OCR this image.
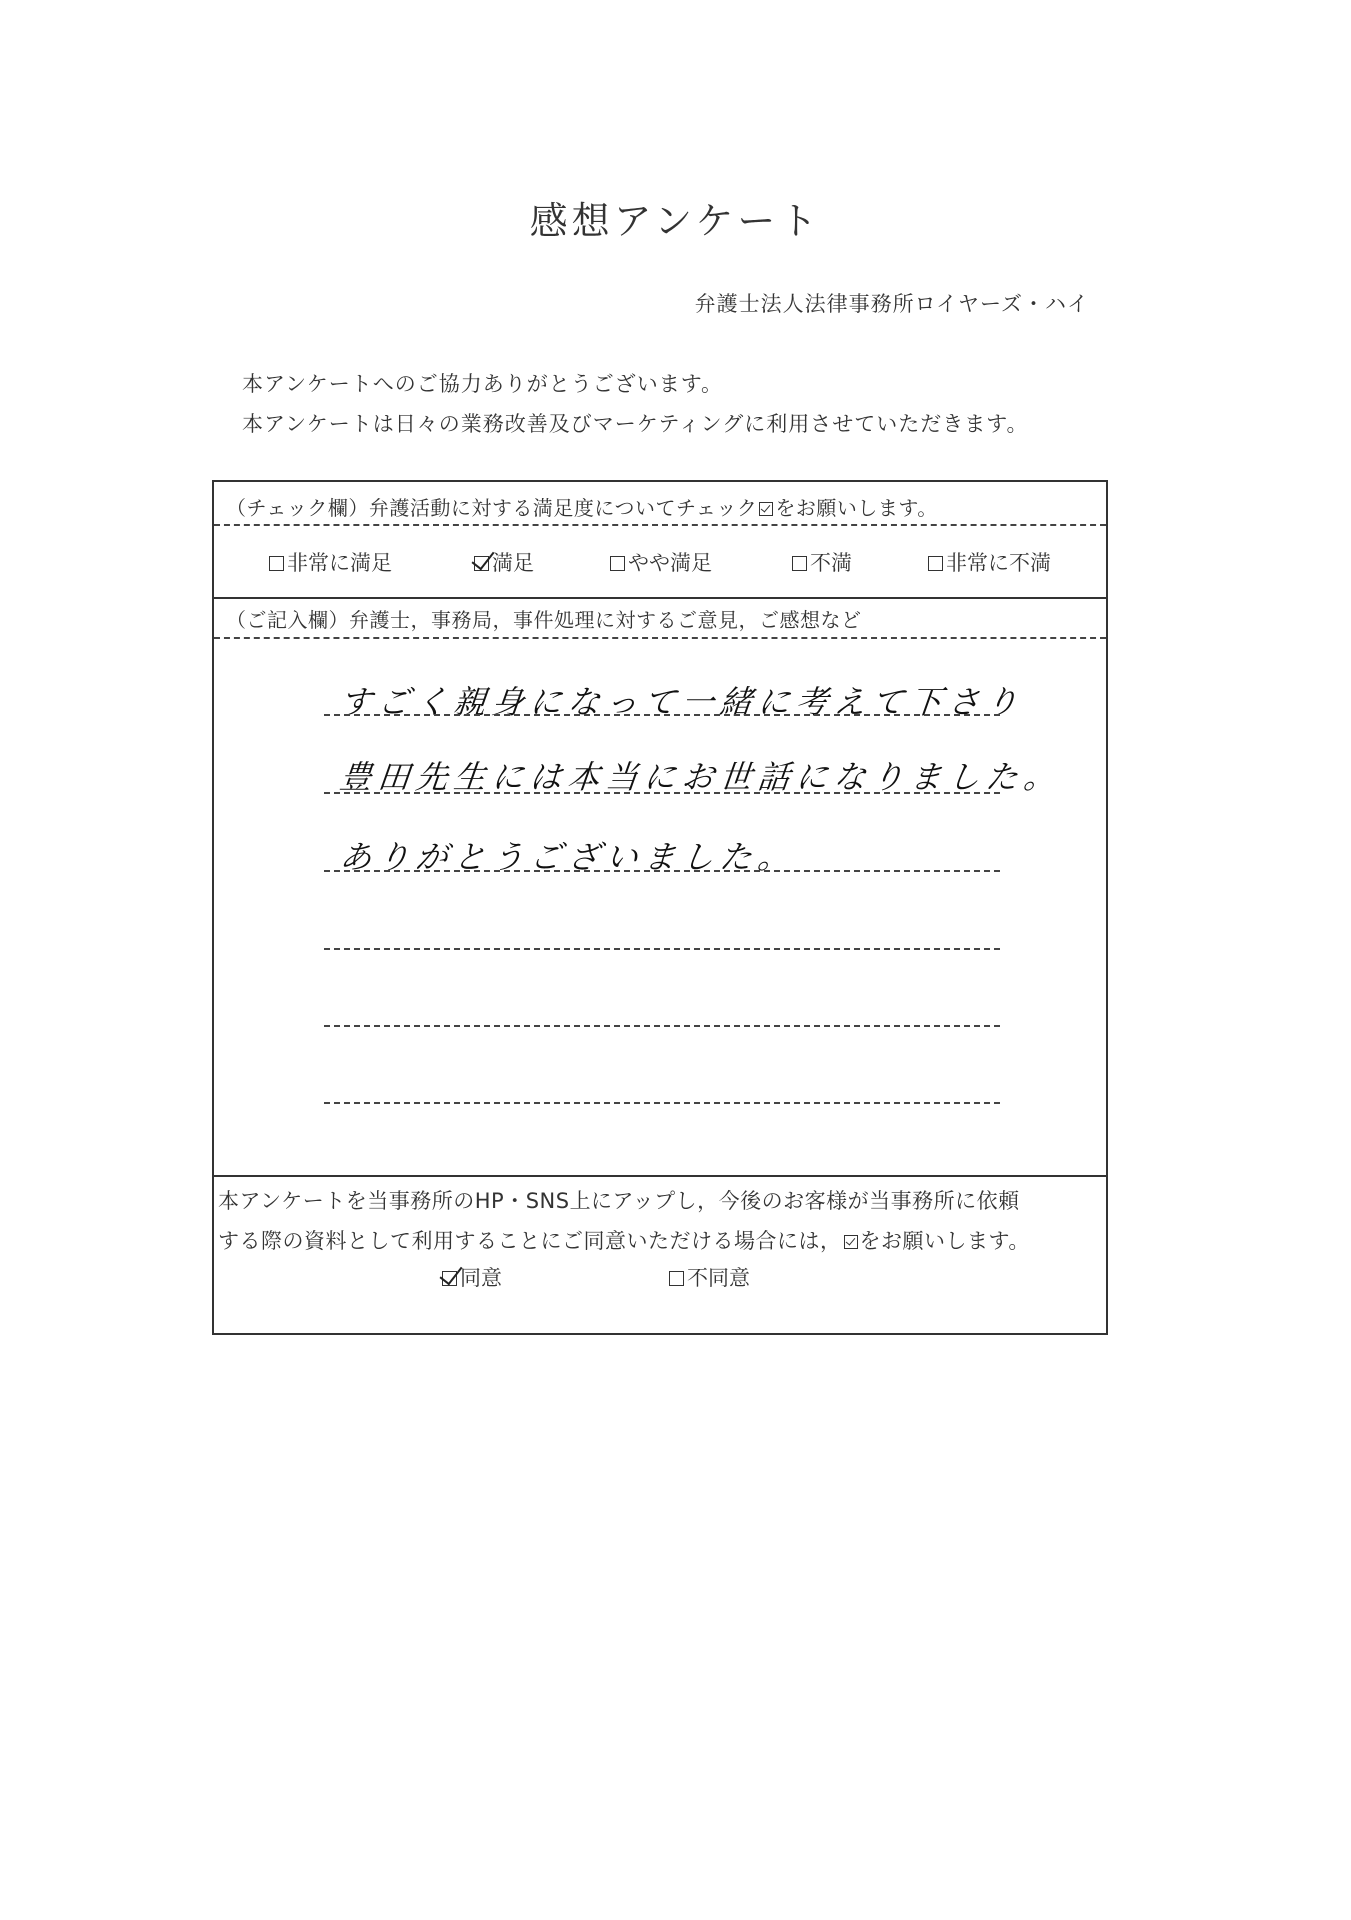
感想アンケート
弁護士法人法律事務所ロイヤーズ・ハイ
本アンケートへのご協力ありがとうございます。
本アンケートは日々の業務改善及びマーケティングに利用させていただきます。
（チェック欄）弁護活動に対する満足度についてチェック をお願いします。
非常に満足	満足	やや満足	不満	非常に不満
（ご記入欄）弁護士，事務局，事件処理に対するご意見，ご感想など
すごく親身になって一緒に考えて下さり
豊田先生には本当にお世話になりました。
ありがとうございました。
本アンケートを当事務所のHP・SNS上にアップし，今後のお客様が当事務所に依頼
する際の資料として利用することにご同意いただける場合には， をお願いします。
同意	不同意
